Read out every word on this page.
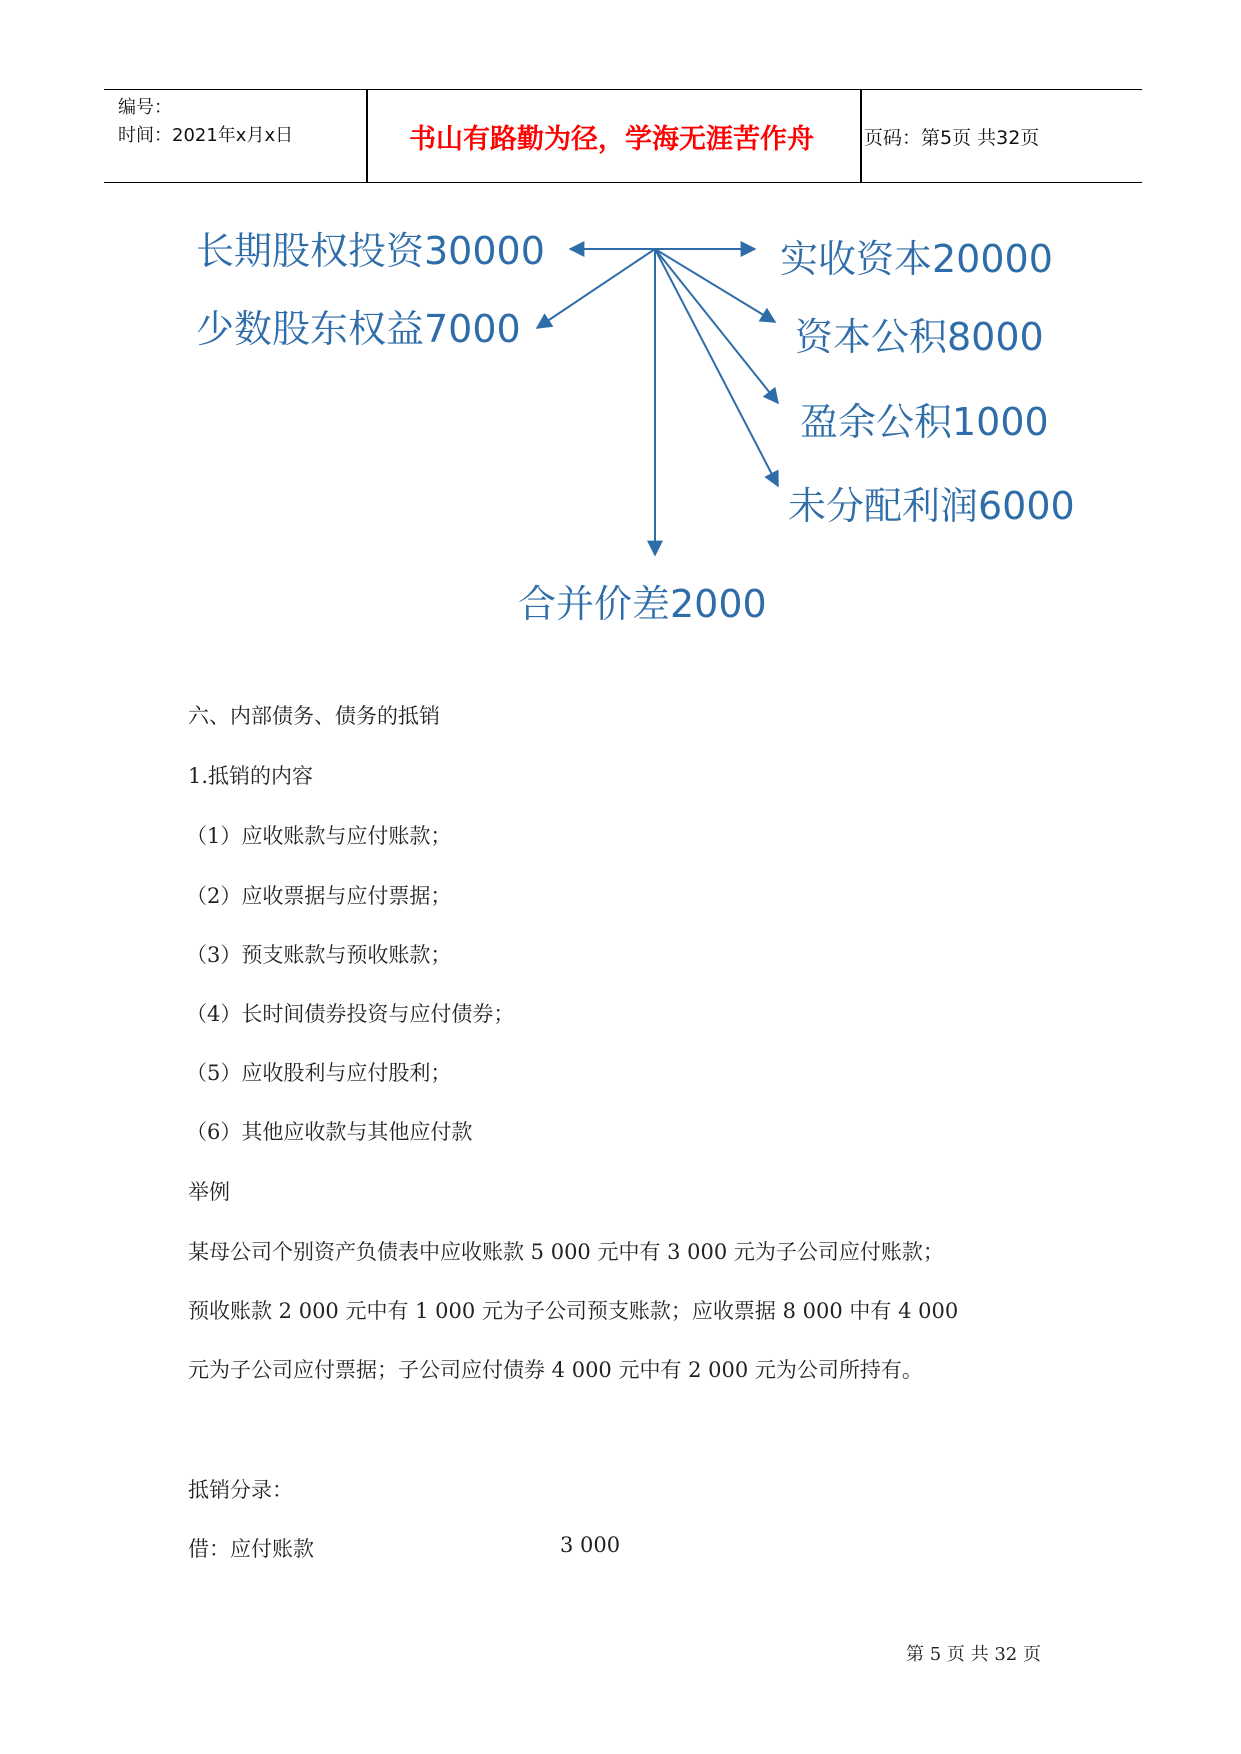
编号：
时间：2021年x月x日	书山有路勤为径，学海无涯苦作舟	页码：第5页 共32页
长期股权投资30000
少数股东权益7000
实收资本20000
资本公积8000
盈余公积1000
未分配利润6000
合并价差2000
六、内部债务、债务的抵销
1.抵销的内容
（1）应收账款与应付账款；
（2）应收票据与应付票据；
（3）预支账款与预收账款；
（4）长时间债券投资与应付债券；
（5）应收股利与应付股利；
（6）其他应收款与其他应付款
举例
某母公司个别资产负债表中应收账款 5 000 元中有 3 000 元为子公司应付账款；
预收账款 2 000 元中有 1 000 元为子公司预支账款；应收票据 8 000 中有 4 000
元为子公司应付票据；子公司应付债券 4 000 元中有 2 000 元为公司所持有。
抵销分录：
借：应付账款	3 000
第 5 页 共 32 页
